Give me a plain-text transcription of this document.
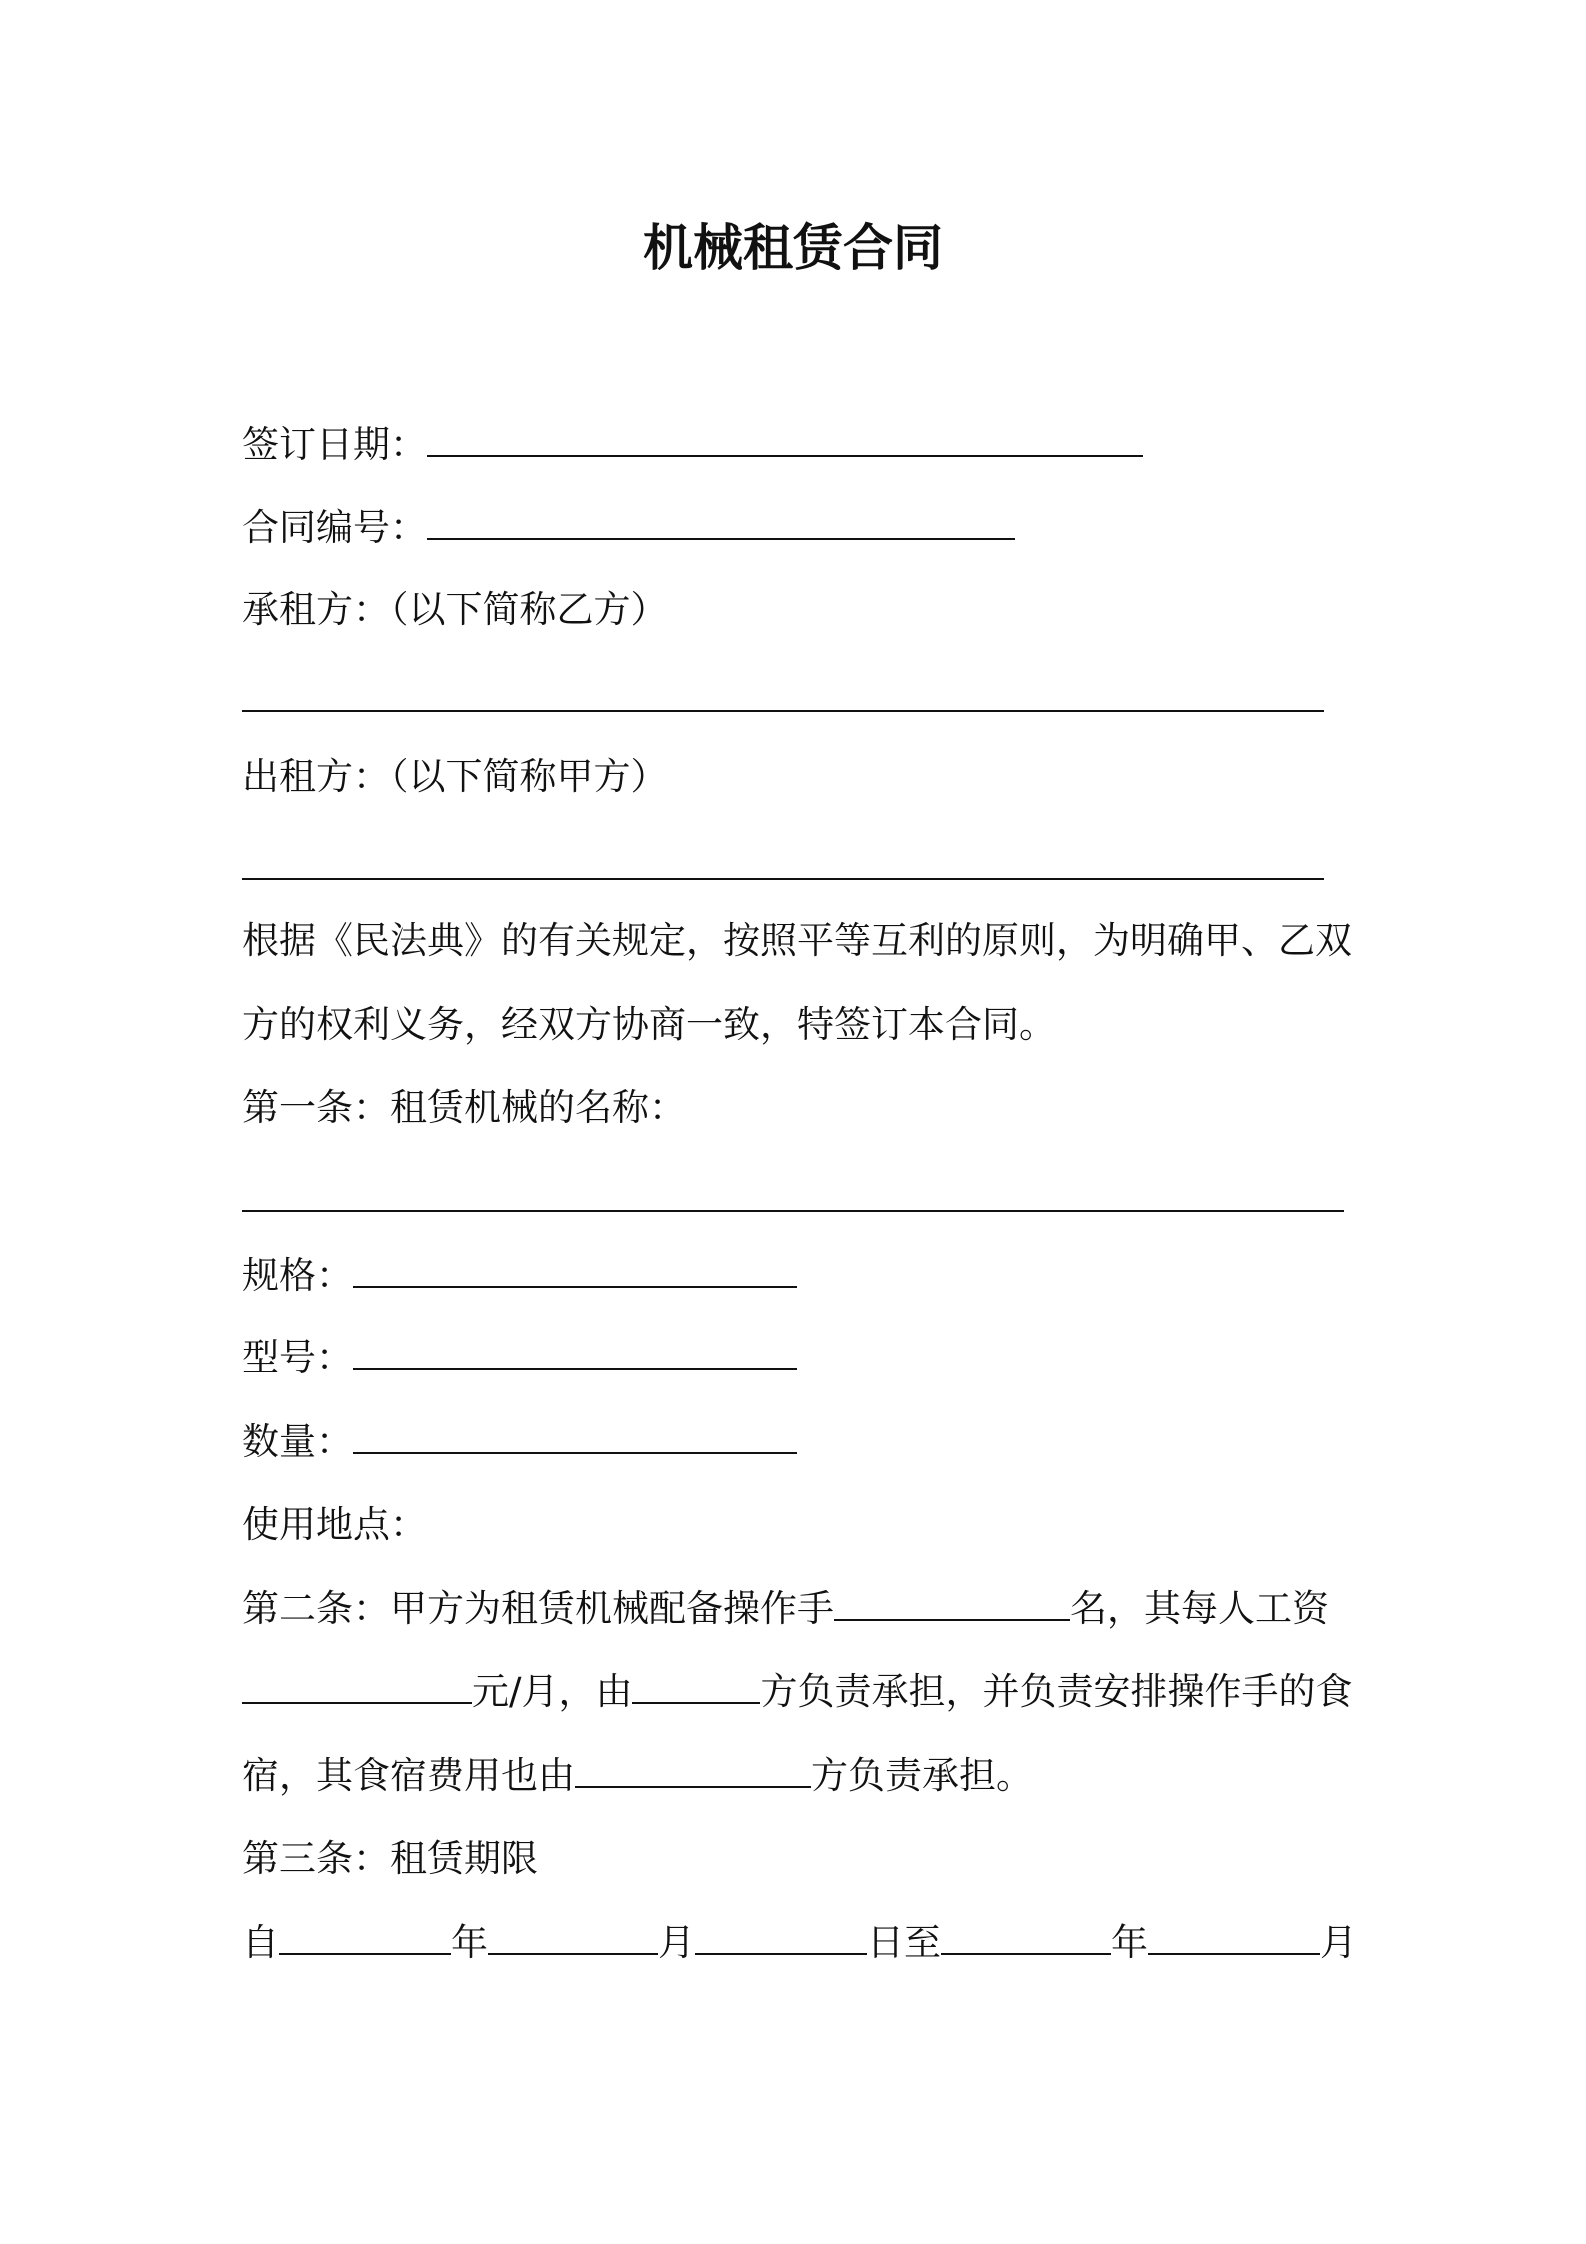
机械租赁合同
签订日期：
合同编号：
承租方：（以下简称乙方）
出租方：（以下简称甲方）
根据《民法典》的有关规定，按照平等互利的原则，为明确甲、乙双
方的权利义务，经双方协商一致，特签订本合同。
第一条：租赁机械的名称：
规格：
型号：
数量：
使用地点：
第二条：甲方为租赁机械配备操作手	名，其每人工资
元/月，由	方负责承担，并负责安排操作手的食
宿，其食宿费用也由	方负责承担。
第三条：租赁期限
自	年	月	日至	年	月
